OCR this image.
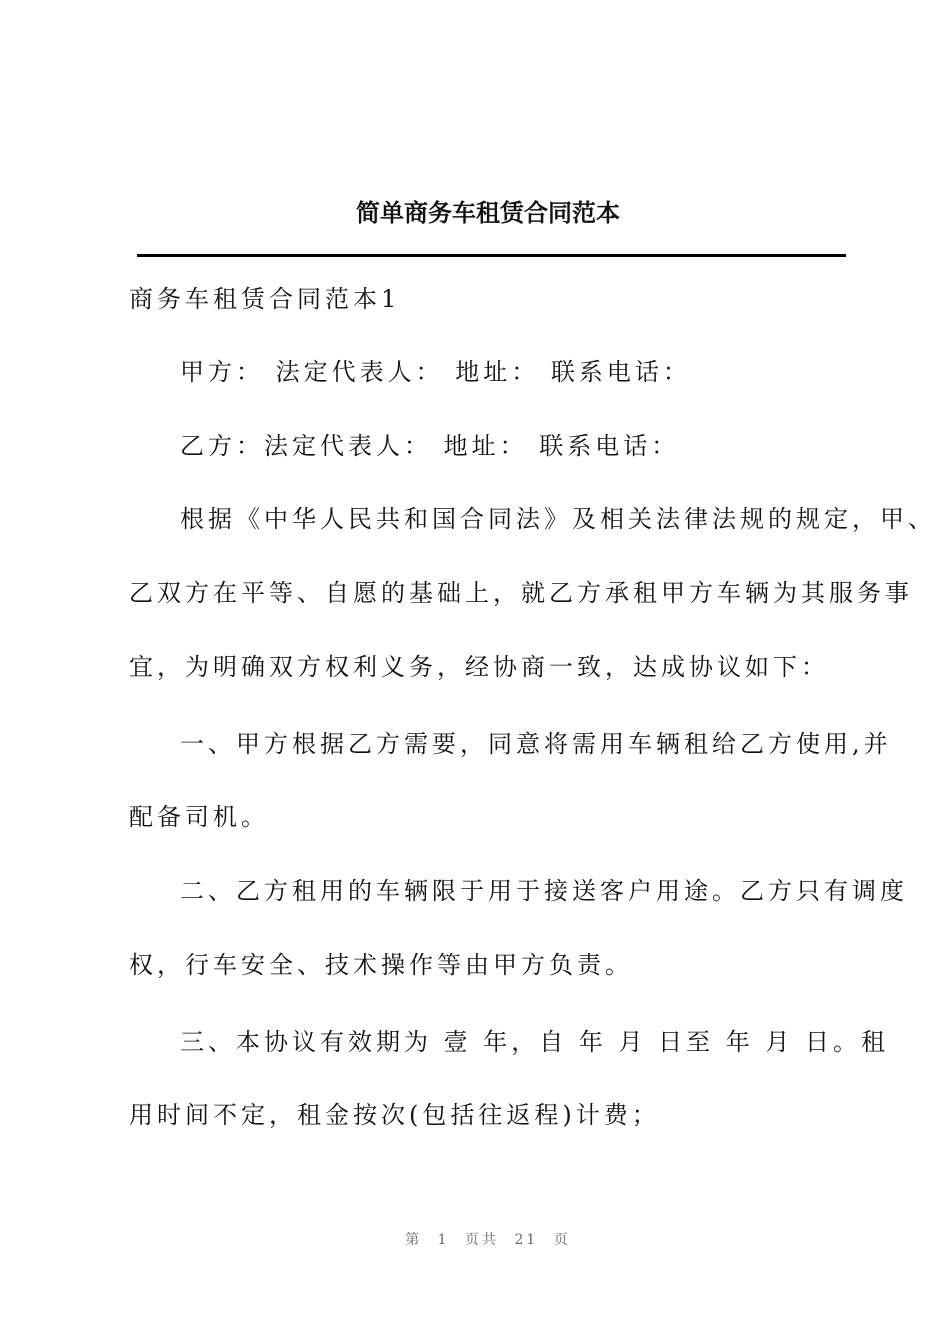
简单商务车租赁合同范本

商务车租赁合同范本1

甲方： 法定代表人： 地址： 联系电话：

乙方：法定代表人： 地址： 联系电话：

根据《中华人民共和国合同法》及相关法律法规的规定，甲、

乙双方在平等、自愿的基础上，就乙方承租甲方车辆为其服务事

宜，为明确双方权利义务，经协商一致，达成协议如下：

一、甲方根据乙方需要，同意将需用车辆租给乙方使用,并

配备司机。

二、乙方租用的车辆限于用于接送客户用途。乙方只有调度

权，行车安全、技术操作等由甲方负责。

三、本协议有效期为 壹 年，自 年 月 日至 年 月 日。租

用时间不定，租金按次(包括往返程)计费；

第 1 页共 21 页
